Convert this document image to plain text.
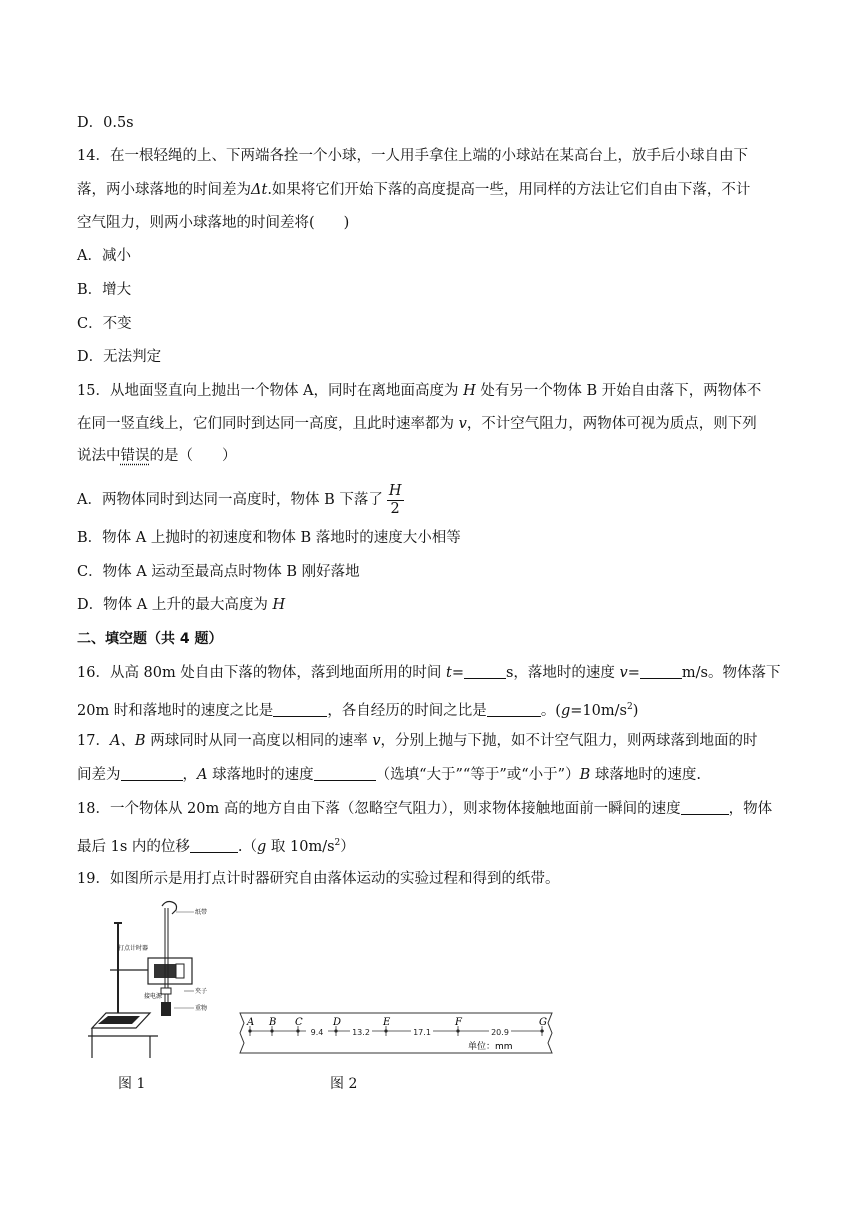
D．0.5s
14．在一根轻绳的上、下两端各拴一个小球，一人用手拿住上端的小球站在某高台上，放手后小球自由下
落，两小球落地的时间差为Δt.如果将它们开始下落的高度提高一些，用同样的方法让它们自由下落，不计
空气阻力，则两小球落地的时间差将(　　)
A．减小
B．增大
C．不变
D．无法判定
15．从地面竖直向上抛出一个物体 A，同时在离地面高度为 H 处有另一个物体 B 开始自由落下，两物体不
在同一竖直线上，它们同时到达同一高度，且此时速率都为 v，不计空气阻力，两物体可视为质点，则下列
说法中错误的是（　　）
A．两物体同时到达同一高度时，物体 B 下落了 $\frac{H}{2}$
B．物体 A 上抛时的初速度和物体 B 落地时的速度大小相等
C．物体 A 运动至最高点时物体 B 刚好落地
D．物体 A 上升的最大高度为 H
二、填空题（共 4 题）
16．从高 80m 处自由下落的物体，落到地面所用的时间 t=	s，落地时的速度 v=	m/s。物体落下
20m 时和落地时的速度之比是	，各自经历的时间之比是	。$(g=10m/s^2)$
17．A、B 两球同时从同一高度以相同的速率 v，分别上抛与下抛，如不计空气阻力，则两球落到地面的时
间差为	，A 球落地时的速度	（选填“大于”“等于”或“小于”）B 球落地时的速度.
18．一个物体从 20m 高的地方自由下落（忽略空气阻力），则求物体接触地面前一瞬间的速度	，物体
最后 1s 内的位移	.（g 取 $10m/s^2$）
19．如图所示是用打点计时器研究自由落体运动的实验过程和得到的纸带。
打点计时器
纸带
夹子
重物
接电源
图 1
A B C	D	E	F	G
9.4	13.2	17.1	20.9
单位：mm
图 2
